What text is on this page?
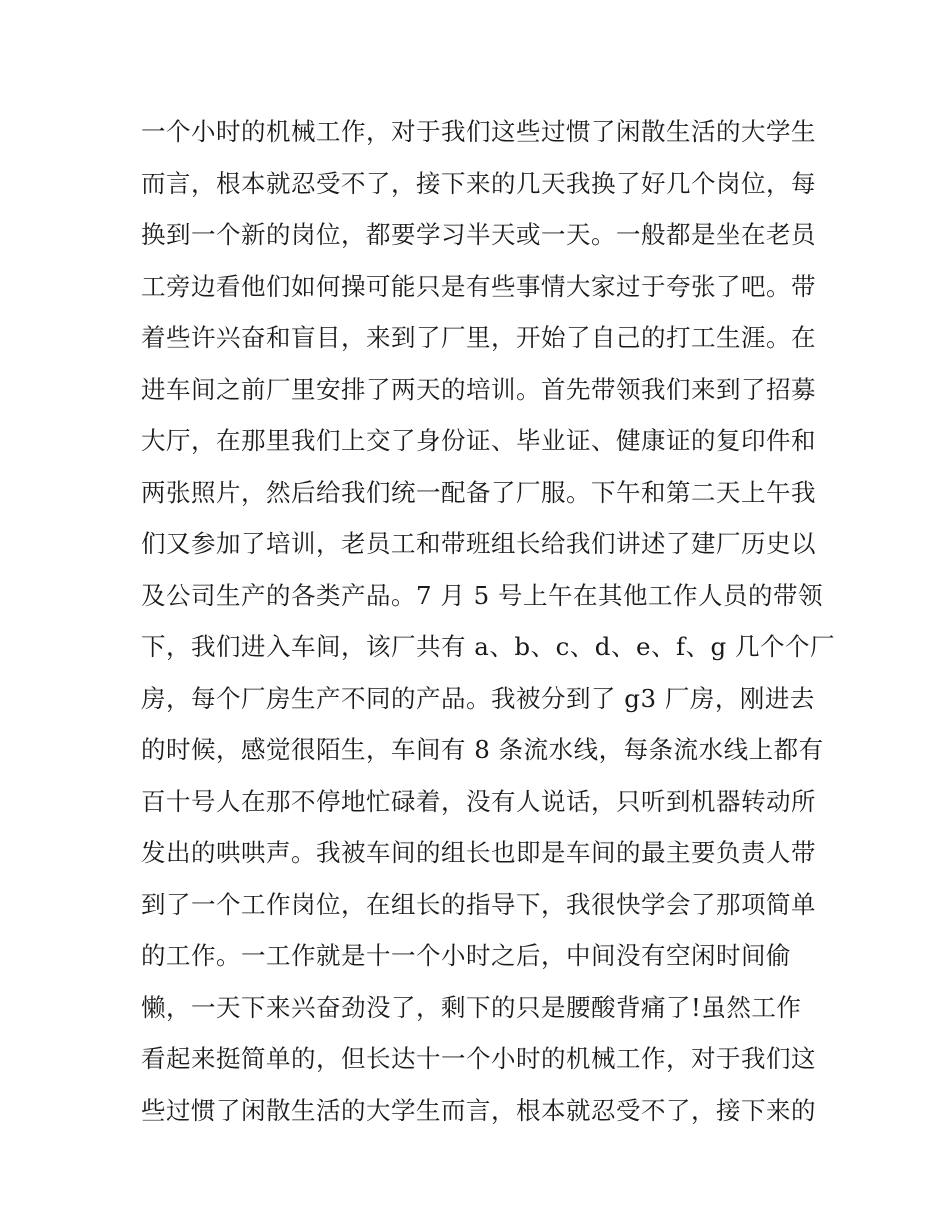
一个小时的机械工作，对于我们这些过惯了闲散生活的大学生
而言，根本就忍受不了，接下来的几天我换了好几个岗位，每
换到一个新的岗位，都要学习半天或一天。一般都是坐在老员
工旁边看他们如何操可能只是有些事情大家过于夸张了吧。带
着些许兴奋和盲目，来到了厂里，开始了自己的打工生涯。在
进车间之前厂里安排了两天的培训。首先带领我们来到了招募
大厅，在那里我们上交了身份证、毕业证、健康证的复印件和
两张照片，然后给我们统一配备了厂服。下午和第二天上午我
们又参加了培训，老员工和带班组长给我们讲述了建厂历史以
及公司生产的各类产品。7 月 5 号上午在其他工作人员的带领
下，我们进入车间，该厂共有 a、b、c、d、e、f、g 几个个厂
房，每个厂房生产不同的产品。我被分到了 g3 厂房，刚进去
的时候，感觉很陌生，车间有 8 条流水线，每条流水线上都有
百十号人在那不停地忙碌着，没有人说话，只听到机器转动所
发出的哄哄声。我被车间的组长也即是车间的最主要负责人带
到了一个工作岗位，在组长的指导下，我很快学会了那项简单
的工作。一工作就是十一个小时之后，中间没有空闲时间偷
懒，一天下来兴奋劲没了，剩下的只是腰酸背痛了!虽然工作
看起来挺简单的，但长达十一个小时的机械工作，对于我们这
些过惯了闲散生活的大学生而言，根本就忍受不了，接下来的
